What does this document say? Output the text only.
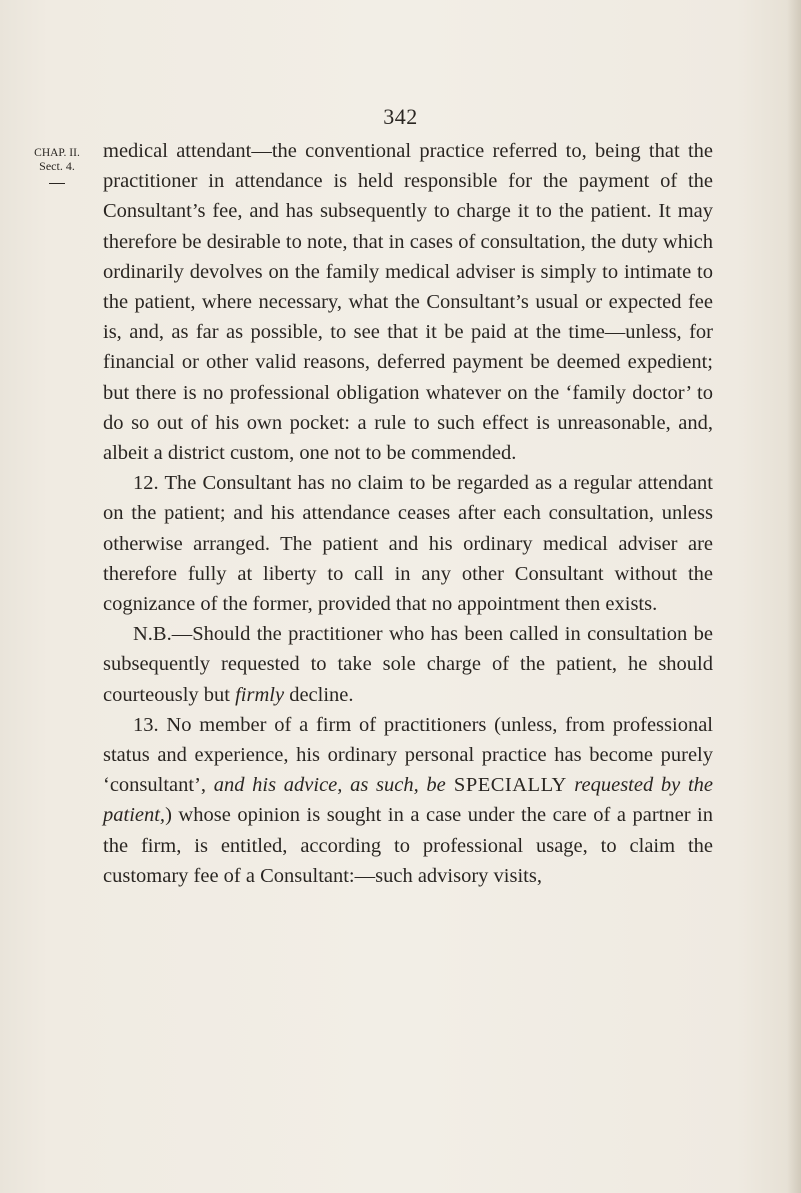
342
CHAP. II.
Sect. 4.

medical attendant—the conventional practice referred to, being that the practitioner in attendance is held responsible for the payment of the Consultant’s fee, and has subsequently to charge it to the patient. It may therefore be desirable to note, that in cases of consultation, the duty which ordinarily devolves on the family medical adviser is simply to intimate to the patient, where necessary, what the Consultant’s usual or expected fee is, and, as far as possible, to see that it be paid at the time—unless, for financial or other valid reasons, deferred payment be deemed expedient; but there is no professional obligation whatever on the ‘family doctor’ to do so out of his own pocket: a rule to such effect is unreasonable, and, albeit a district custom, one not to be commended.

12. The Consultant has no claim to be regarded as a regular attendant on the patient; and his attendance ceases after each consultation, unless otherwise arranged. The patient and his ordinary medical adviser are therefore fully at liberty to call in any other Consultant without the cognizance of the former, provided that no appointment then exists.

N.B.—Should the practitioner who has been called in consultation be subsequently requested to take sole charge of the patient, he should courteously but firmly decline.

13. No member of a firm of practitioners (unless, from professional status and experience, his ordinary personal practice has become purely ‘consultant’, and his advice, as such, be SPECIALLY requested by the patient,) whose opinion is sought in a case under the care of a partner in the firm, is entitled, according to professional usage, to claim the customary fee of a Consultant:—such advisory visits,
